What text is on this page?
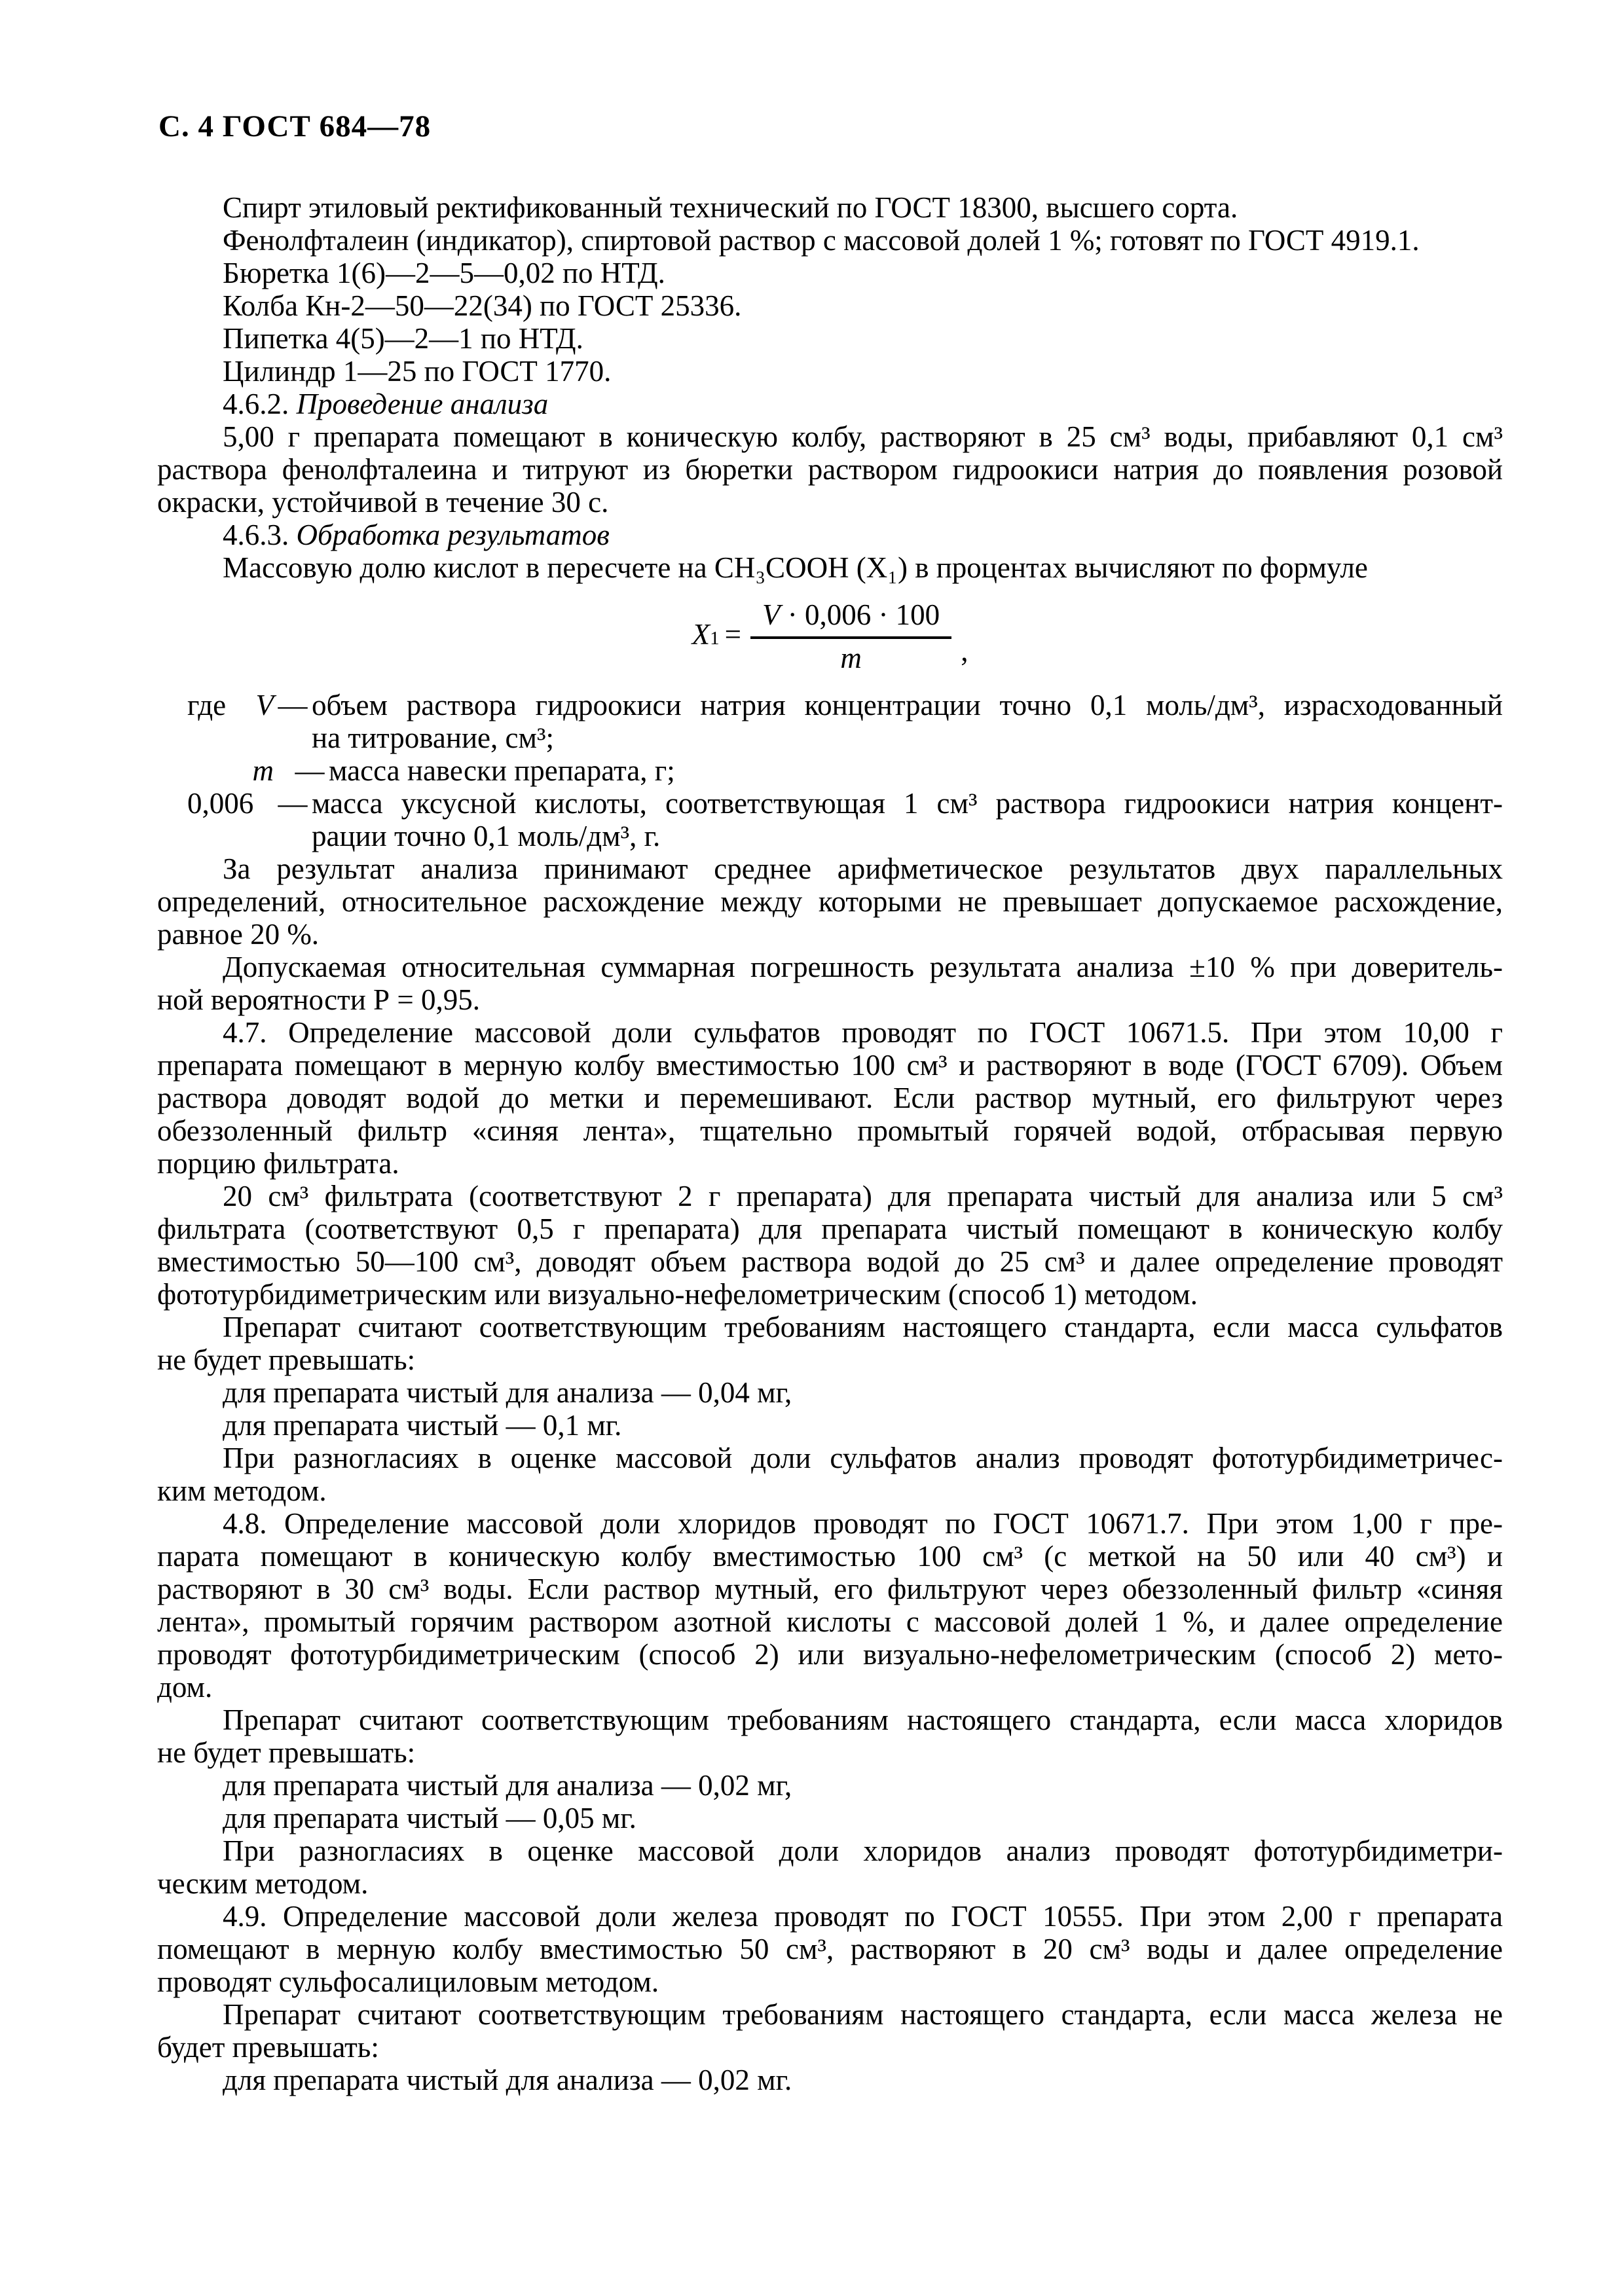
С. 4 ГОСТ 684—78
Спирт этиловый ректификованный технический по ГОСТ 18300, высшего сорта.
Фенолфталеин (индикатор), спиртовой раствор с массовой долей 1 %; готовят по ГОСТ 4919.1.
Бюретка 1(6)—2—5—0,02 по НТД.
Колба Кн-2—50—22(34) по ГОСТ 25336.
Пипетка 4(5)—2—1 по НТД.
Цилиндр 1—25 по ГОСТ 1770.
4.6.2. Проведение анализа
5,00 г препарата помещают в коническую колбу, растворяют в 25 см³ воды, прибавляют 0,1 см³
раствора фенолфталеина и титруют из бюретки раствором гидроокиси натрия до появления розовой
окраски, устойчивой в течение 30 с.
4.6.3. Обработка результатов
Массовую долю кислот в пересчете на СН₃СООН (Х₁) в процентах вычисляют по формуле
X $1 = \frac{V \cdot 0,006 \cdot 100}{m}$ ,
где V — объем раствора гидроокиси натрия концентрации точно 0,1 моль/дм³, израсходованный
на титрование, см³;
m — масса навески препарата, г;
0,006 — масса уксусной кислоты, соответствующая 1 см³ раствора гидроокиси натрия концент-
рации точно 0,1 моль/дм³, г.
За результат анализа принимают среднее арифметическое результатов двух параллельных
определений, относительное расхождение между которыми не превышает допускаемое расхождение,
равное 20 %.
Допускаемая относительная суммарная погрешность результата анализа ±10 % при доверитель-
ной вероятности Р = 0,95.
4.7. Определение массовой доли сульфатов проводят по ГОСТ 10671.5. При этом 10,00 г
препарата помещают в мерную колбу вместимостью 100 см³ и растворяют в воде (ГОСТ 6709). Объем
раствора доводят водой до метки и перемешивают. Если раствор мутный, его фильтруют через
обеззоленный фильтр «синяя лента», тщательно промытый горячей водой, отбрасывая первую
порцию фильтрата.
20 см³ фильтрата (соответствуют 2 г препарата) для препарата чистый для анализа или 5 см³
фильтрата (соответствуют 0,5 г препарата) для препарата чистый помещают в коническую колбу
вместимостью 50—100 см³, доводят объем раствора водой до 25 см³ и далее определение проводят
фототурбидиметрическим или визуально-нефелометрическим (способ 1) методом.
Препарат считают соответствующим требованиям настоящего стандарта, если масса сульфатов
не будет превышать:
для препарата чистый для анализа — 0,04 мг,
для препарата чистый — 0,1 мг.
При разногласиях в оценке массовой доли сульфатов анализ проводят фототурбидиметричес-
ким методом.
4.8. Определение массовой доли хлоридов проводят по ГОСТ 10671.7. При этом 1,00 г пре-
парата помещают в коническую колбу вместимостью 100 см³ (с меткой на 50 или 40 см³) и
растворяют в 30 см³ воды. Если раствор мутный, его фильтруют через обеззоленный фильтр «синяя
лента», промытый горячим раствором азотной кислоты с массовой долей 1 %, и далее определение
проводят фототурбидиметрическим (способ 2) или визуально-нефелометрическим (способ 2) мето-
дом.
Препарат считают соответствующим требованиям настоящего стандарта, если масса хлоридов
не будет превышать:
для препарата чистый для анализа — 0,02 мг,
для препарата чистый — 0,05 мг.
При разногласиях в оценке массовой доли хлоридов анализ проводят фототурбидиметри-
ческим методом.
4.9. Определение массовой доли железа проводят по ГОСТ 10555. При этом 2,00 г препарата
помещают в мерную колбу вместимостью 50 см³, растворяют в 20 см³ воды и далее определение
проводят сульфосалициловым методом.
Препарат считают соответствующим требованиям настоящего стандарта, если масса железа не
будет превышать:
для препарата чистый для анализа — 0,02 мг.
